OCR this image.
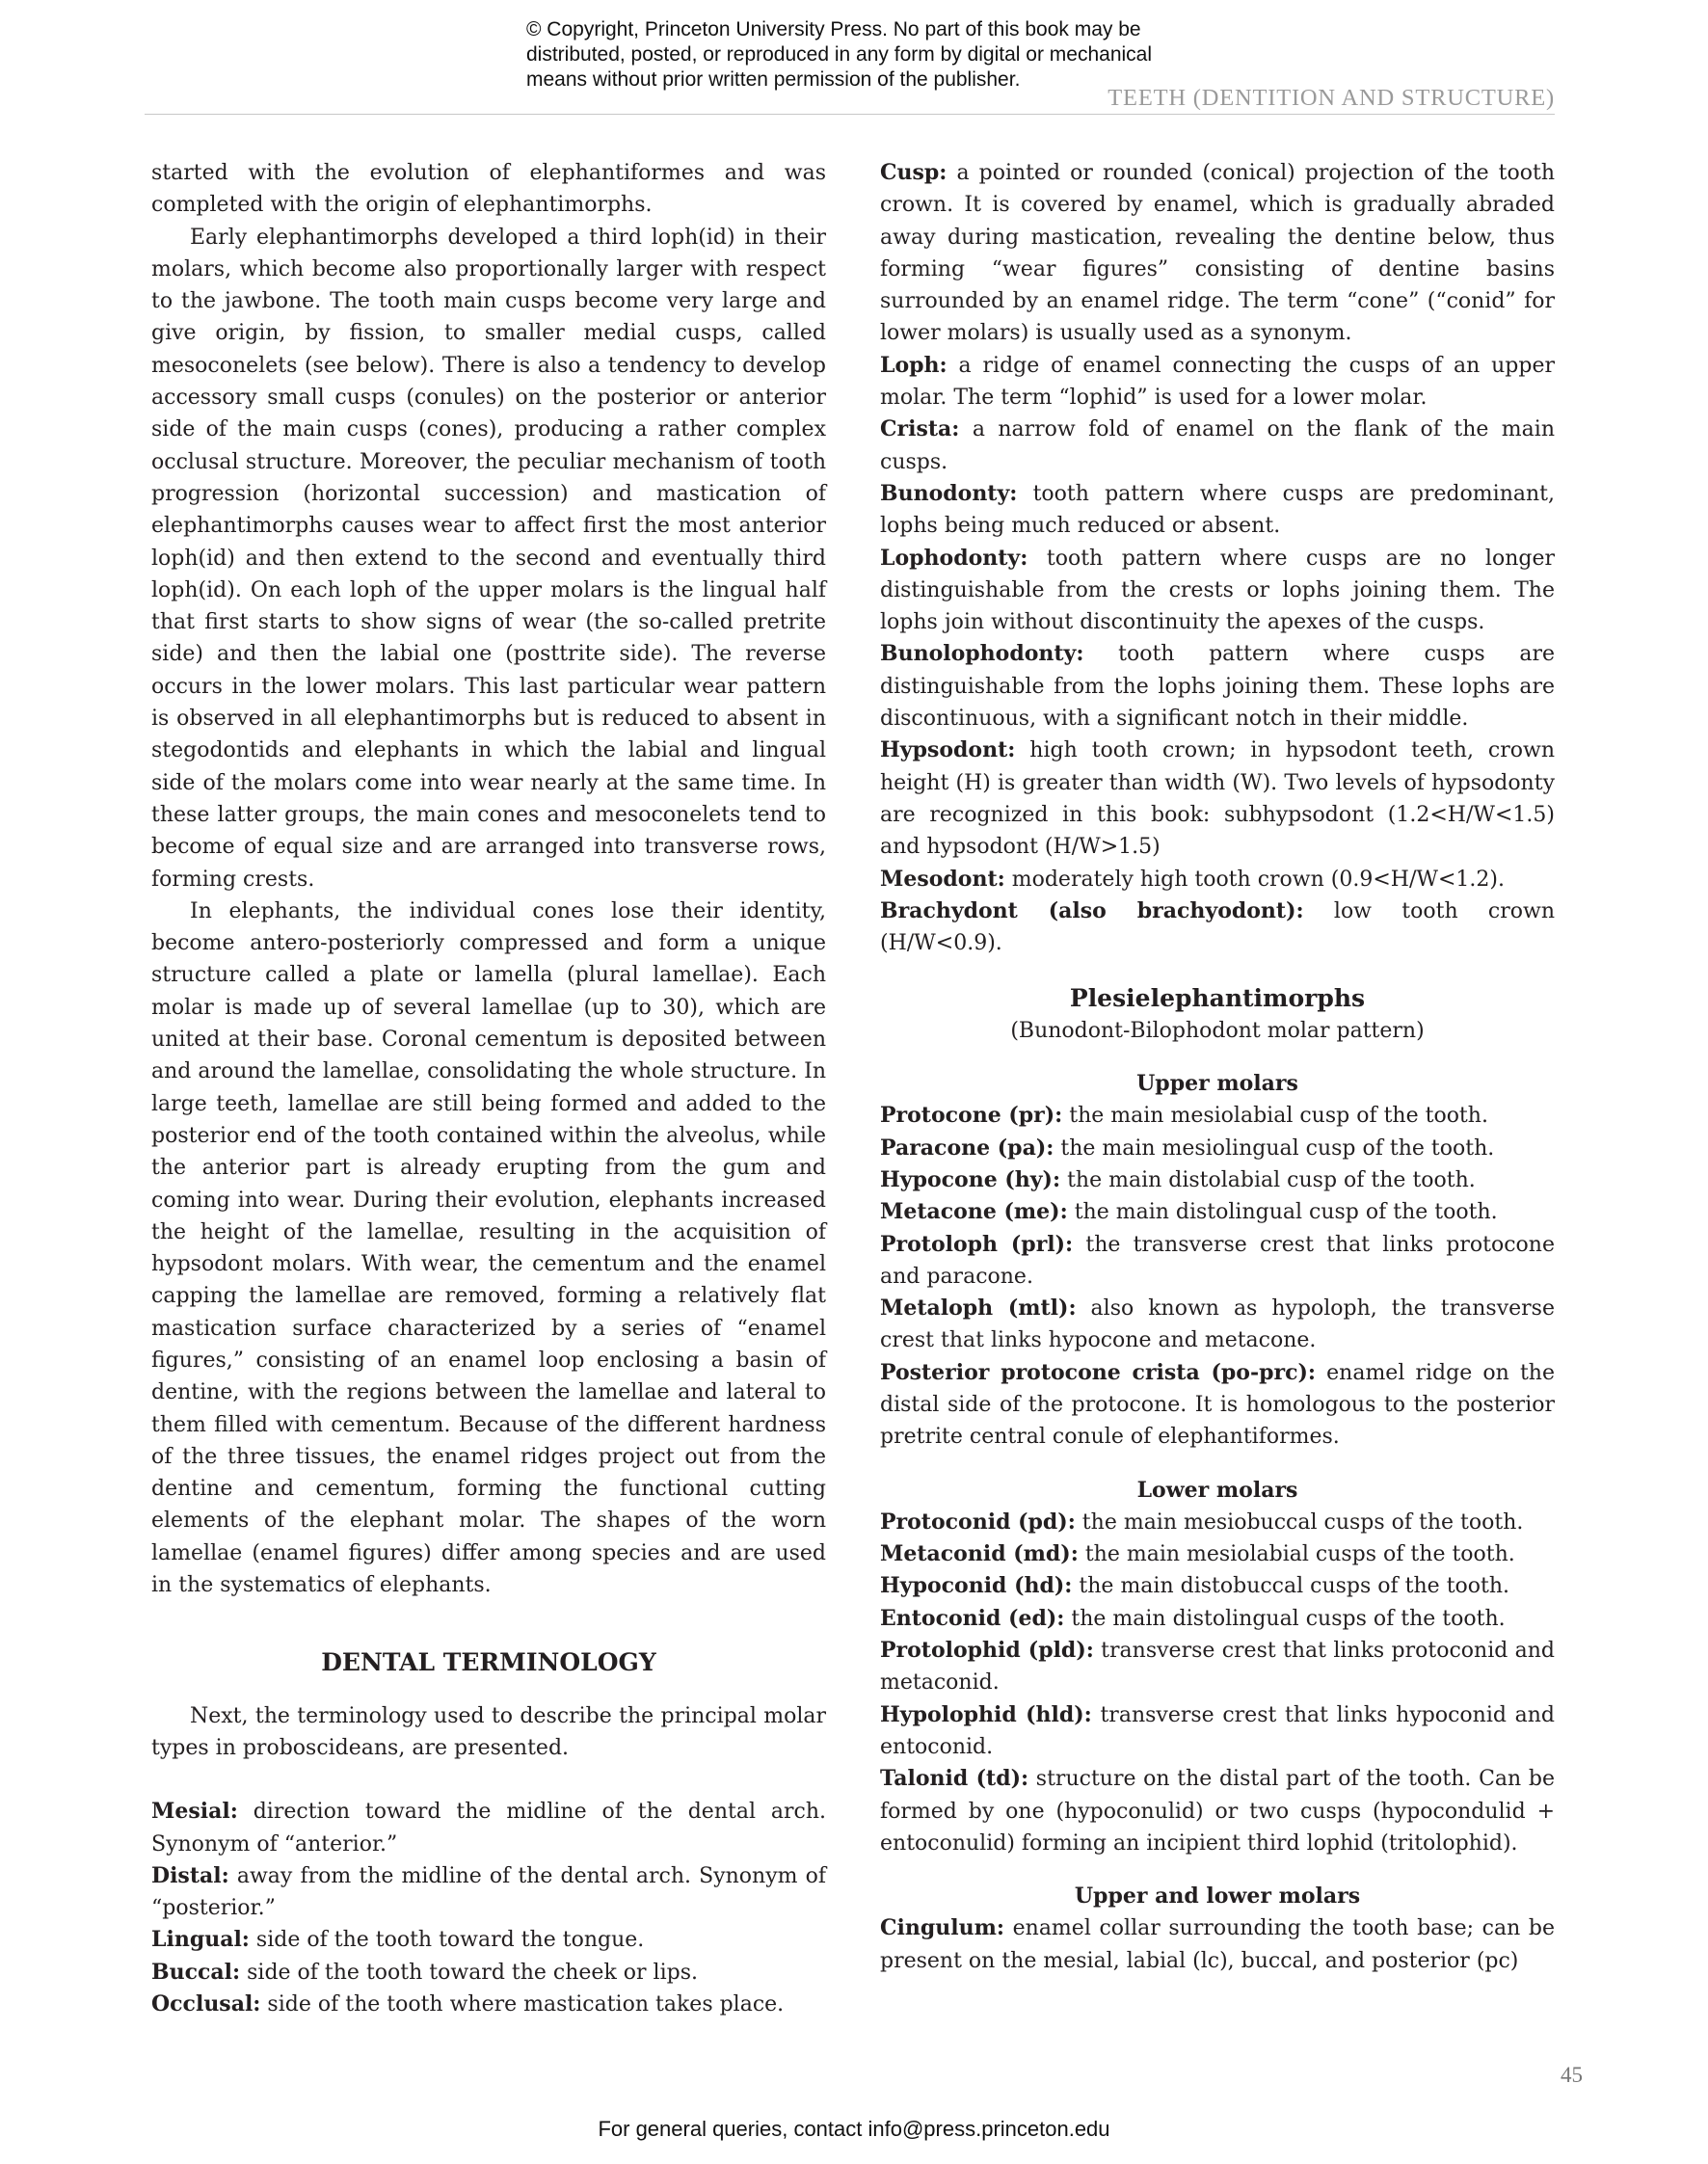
© Copyright, Princeton University Press. No part of this book may be
distributed, posted, or reproduced in any form by digital or mechanical
means without prior written permission of the publisher.
TEETH (DENTITION AND STRUCTURE)

started with the evolution of elephantiformes and was completed with the origin of elephantimorphs.

Early elephantimorphs developed a third loph(id) in their molars, which become also proportionally larger with respect to the jawbone. The tooth main cusps become very large and give origin, by fission, to smaller medial cusps, called mesoconelets (see below). There is also a tendency to develop accessory small cusps (conules) on the posterior or anterior side of the main cusps (cones), producing a rather complex occlusal structure. Moreover, the peculiar mechanism of tooth progression (horizontal succession) and mastication of elephantimorphs causes wear to affect first the most anterior loph(id) and then extend to the second and eventually third loph(id). On each loph of the upper molars is the lingual half that first starts to show signs of wear (the so-called pretrite side) and then the labial one (posttrite side). The reverse occurs in the lower molars. This last particular wear pattern is observed in all elephantimorphs but is reduced to absent in stegodontids and elephants in which the labial and lingual side of the molars come into wear nearly at the same time. In these latter groups, the main cones and mesoconelets tend to become of equal size and are arranged into transverse rows, forming crests.

In elephants, the individual cones lose their identity, become antero-posteriorly compressed and form a unique structure called a plate or lamella (plural lamellae). Each molar is made up of several lamellae (up to 30), which are united at their base. Coronal cementum is deposited between and around the lamellae, consolidating the whole structure. In large teeth, lamellae are still being formed and added to the posterior end of the tooth contained within the alveolus, while the anterior part is already erupting from the gum and coming into wear. During their evolution, elephants increased the height of the lamellae, resulting in the acquisition of hypsodont molars. With wear, the cementum and the enamel capping the lamellae are removed, forming a relatively flat mastication surface characterized by a series of “enamel figures,” consisting of an enamel loop enclosing a basin of dentine, with the regions between the lamellae and lateral to them filled with cementum. Because of the different hardness of the three tissues, the enamel ridges project out from the dentine and cementum, forming the functional cutting elements of the elephant molar. The shapes of the worn lamellae (enamel figures) differ among species and are used in the systematics of elephants.

DENTAL TERMINOLOGY

Next, the terminology used to describe the principal molar types in proboscideans, are presented.

Mesial: direction toward the midline of the dental arch. Synonym of “anterior.”

Distal: away from the midline of the dental arch. Synonym of “posterior.”

Lingual: side of the tooth toward the tongue.

Buccal: side of the tooth toward the cheek or lips.

Occlusal: side of the tooth where mastication takes place.

Cusp: a pointed or rounded (conical) projection of the tooth crown. It is covered by enamel, which is gradually abraded away during mastication, revealing the dentine below, thus forming “wear figures” consisting of dentine basins surrounded by an enamel ridge. The term “cone” (“conid” for lower molars) is usually used as a synonym.

Loph: a ridge of enamel connecting the cusps of an upper molar. The term “lophid” is used for a lower molar.

Crista: a narrow fold of enamel on the flank of the main cusps.

Bunodonty: tooth pattern where cusps are predominant, lophs being much reduced or absent.

Lophodonty: tooth pattern where cusps are no longer distinguishable from the crests or lophs joining them. The lophs join without discontinuity the apexes of the cusps.

Bunolophodonty: tooth pattern where cusps are distinguishable from the lophs joining them. These lophs are discontinuous, with a significant notch in their middle.

Hypsodont: high tooth crown; in hypsodont teeth, crown height (H) is greater than width (W). Two levels of hypsodonty are recognized in this book: subhypsodont (1.2<H/W<1.5) and hypsodont (H/W>1.5)

Mesodont: moderately high tooth crown (0.9<H/W<1.2).

Brachydont (also brachyodont): low tooth crown (H/W<0.9).

Plesielephantimorphs

(Bunodont-Bilophodont molar pattern)

Upper molars

Protocone (pr): the main mesiolabial cusp of the tooth.

Paracone (pa): the main mesiolingual cusp of the tooth.

Hypocone (hy): the main distolabial cusp of the tooth.

Metacone (me): the main distolingual cusp of the tooth.

Protoloph (prl): the transverse crest that links protocone and paracone.

Metaloph (mtl): also known as hypoloph, the transverse crest that links hypocone and metacone.

Posterior protocone crista (po-prc): enamel ridge on the distal side of the protocone. It is homologous to the posterior pretrite central conule of elephantiformes.

Lower molars

Protoconid (pd): the main mesiobuccal cusps of the tooth.

Metaconid (md): the main mesiolabial cusps of the tooth.

Hypoconid (hd): the main distobuccal cusps of the tooth.

Entoconid (ed): the main distolingual cusps of the tooth.

Protolophid (pld): transverse crest that links protoconid and metaconid.

Hypolophid (hld): transverse crest that links hypoconid and entoconid.

Talonid (td): structure on the distal part of the tooth. Can be formed by one (hypoconulid) or two cusps (hypocondulid + entoconulid) forming an incipient third lophid (tritolophid).

Upper and lower molars

Cingulum: enamel collar surrounding the tooth base; can be present on the mesial, labial (lc), buccal, and posterior (pc)

45
For general queries, contact info@press.princeton.edu
